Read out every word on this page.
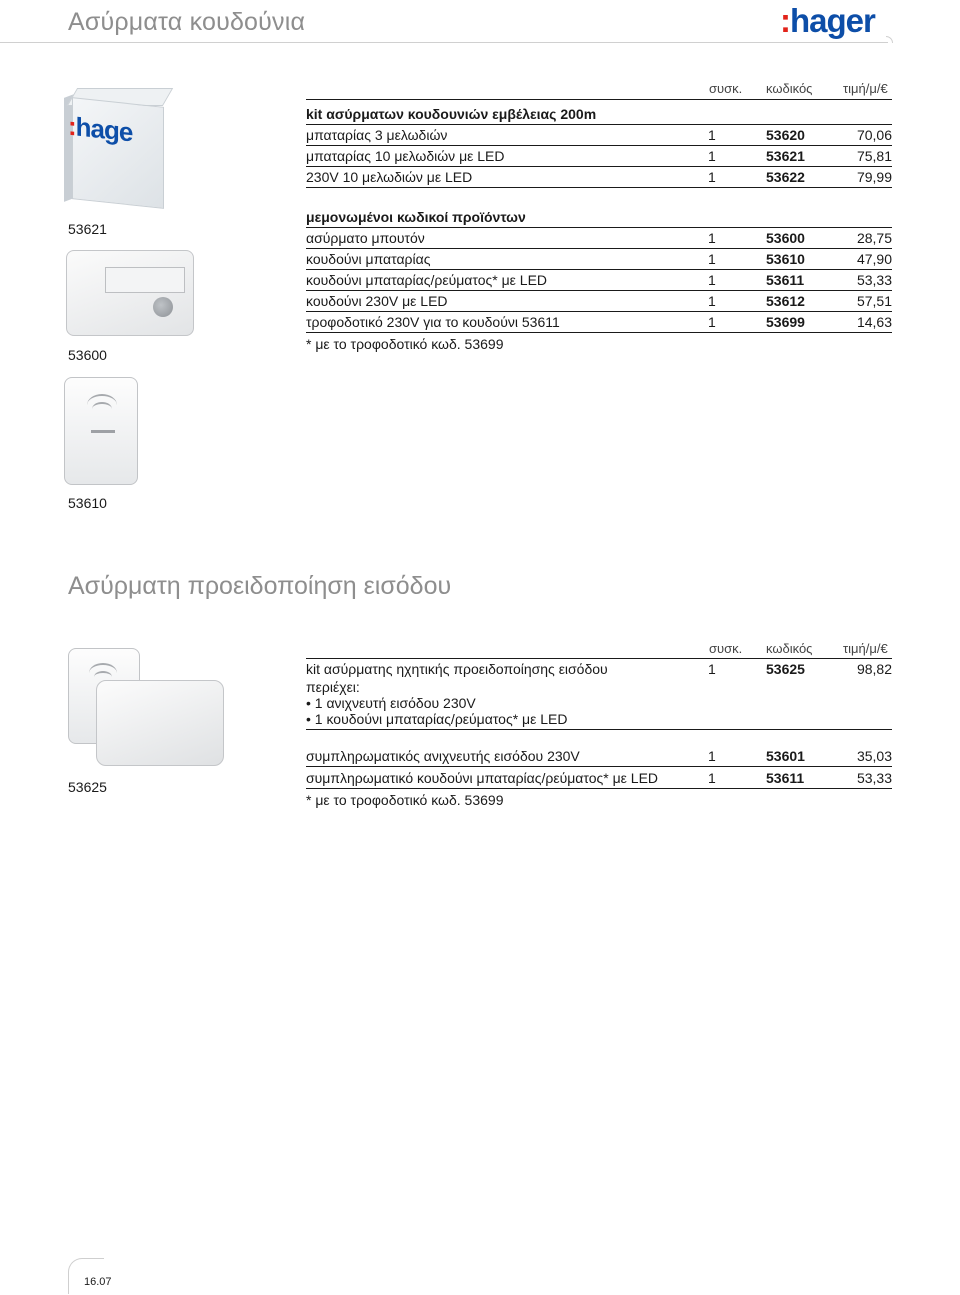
Ασύρματα κουδούνια	:hager
:hage
53621
53600
53610
συσκ. κωδικός τιμή/μ/€
kit ασύρματων κουδουνιών εμβέλειας 200m
μπαταρίας 3 μελωδιών	1	53620	70,06
μπαταρίας 10 μελωδιών με LED	1	53621	75,81
230V 10 μελωδιών με LED	1	53622	79,99
μεμονωμένοι κωδικοί προϊόντων
ασύρματο μπουτόν	1	53600	28,75
κουδούνι μπαταρίας	1	53610	47,90
κουδούνι μπαταρίας/ρεύματος* με LED	1	53611	53,33
κουδούνι 230V με LED	1	53612	57,51
τροφοδοτικό 230V για το κουδούνι 53611	1	53699	14,63
* με το τροφοδοτικό κωδ. 53699
Ασύρματη προειδοποίηση εισόδου
53625
συσκ. κωδικός τιμή/μ/€
kit ασύρματης ηχητικής προειδοποίησης εισόδου	1	53625	98,82
περιέχει:
• 1 ανιχνευτή εισόδου 230V
• 1 κουδούνι μπαταρίας/ρεύματος* με LED
συμπληρωματικός ανιχνευτής εισόδου 230V	1	53601	35,03
συμπληρωματικό κουδούνι μπαταρίας/ρεύματος* με LED	1	53611	53,33
* με το τροφοδοτικό κωδ. 53699
16.07
